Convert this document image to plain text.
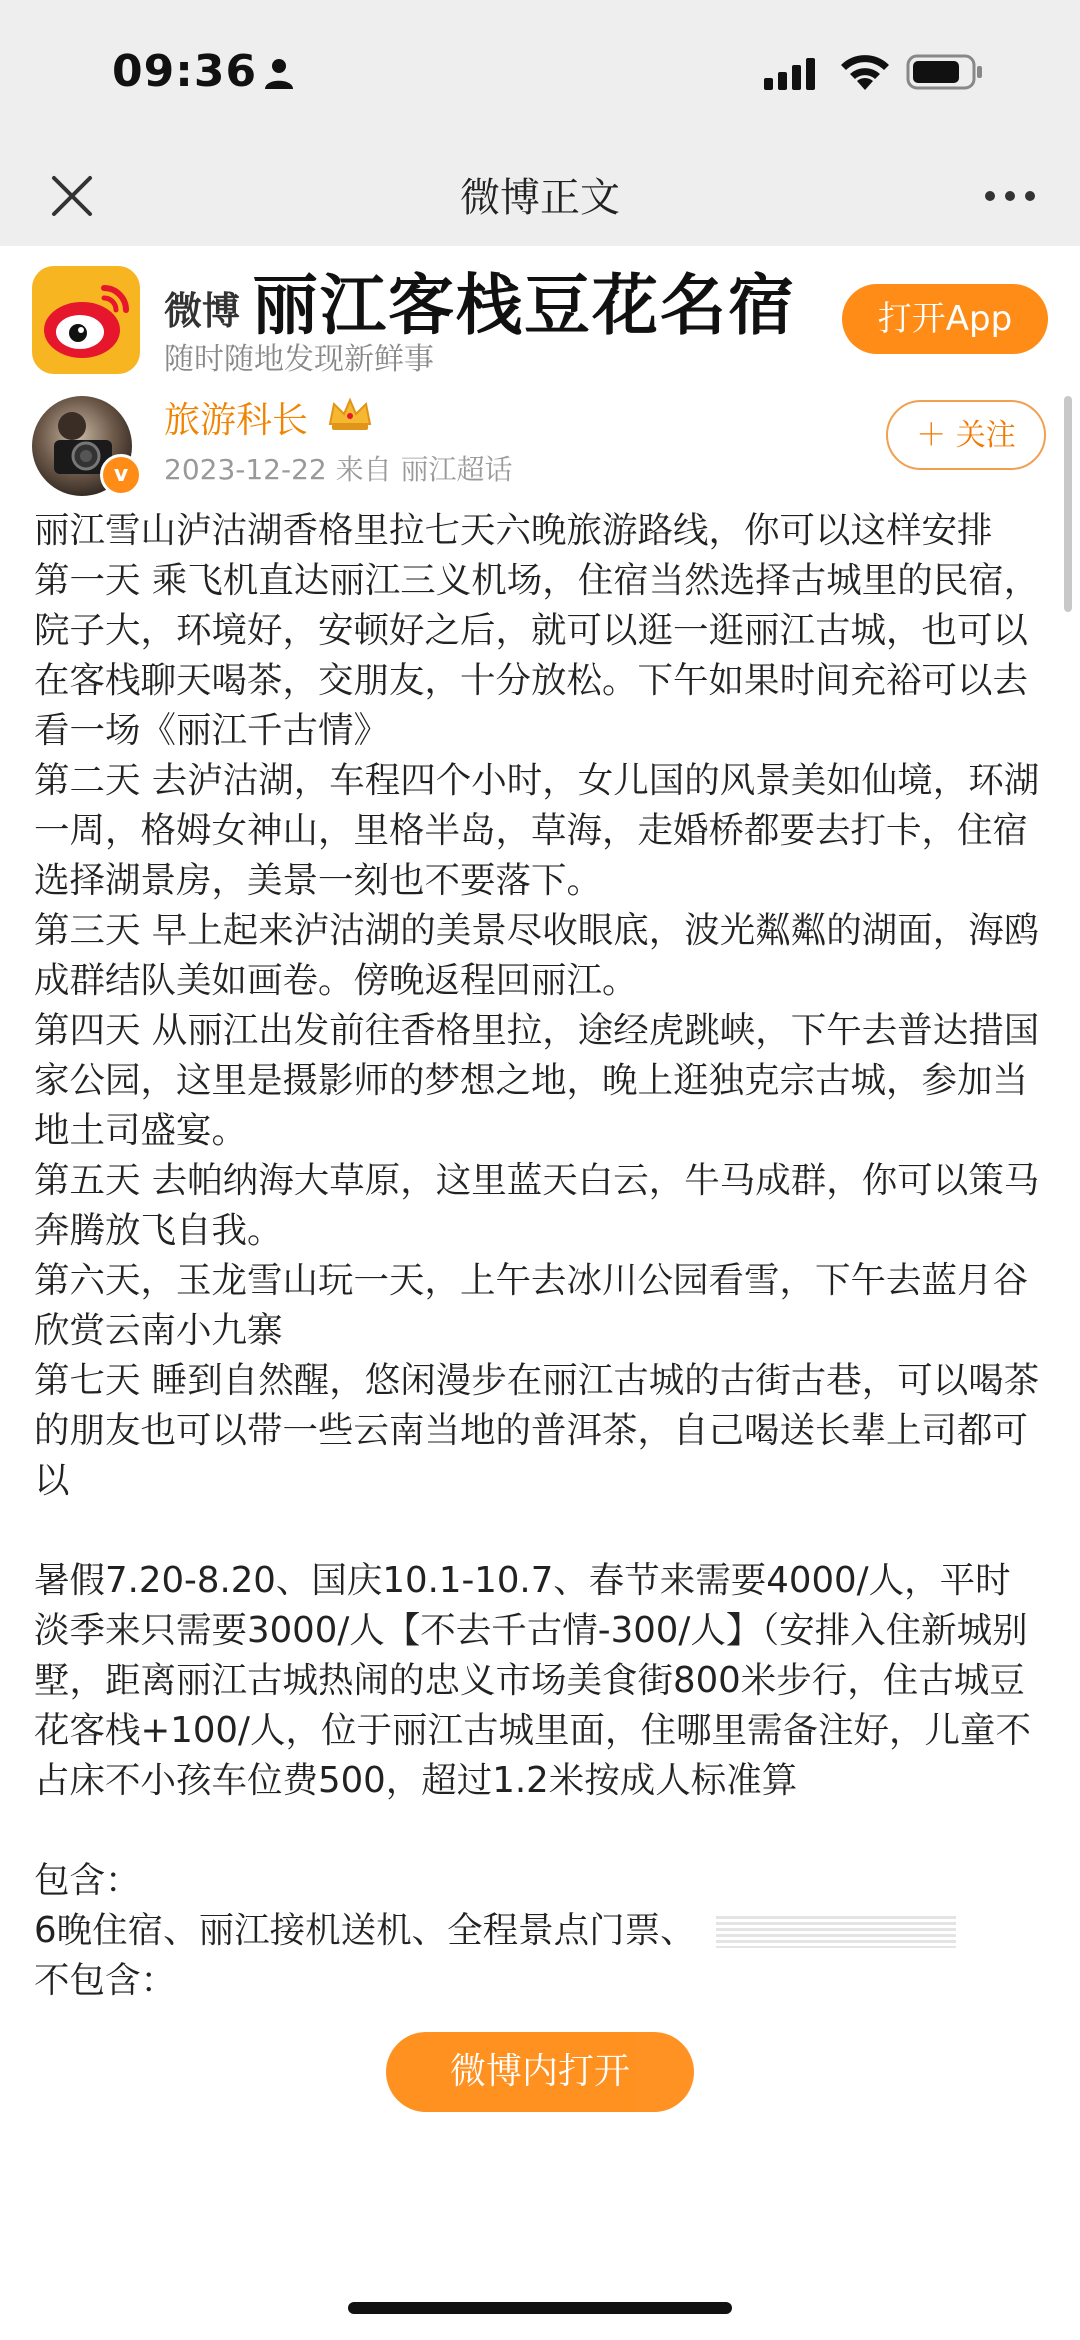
09:36
微博正文
微博 丽江客栈豆花名宿
随时随地发现新鲜事
打开App
v
旅游科长
2023-12-22 来自 丽江超话
＋ 关注

丽江雪山泸沽湖香格里拉七天六晚旅游路线，你可以这样安排

第一天 乘飞机直达丽江三义机场，住宿当然选择古城里的民宿，院子大，环境好，安顿好之后，就可以逛一逛丽江古城，也可以在客栈聊天喝茶，交朋友，十分放松。下午如果时间充裕可以去看一场《丽江千古情》

第二天 去泸沽湖，车程四个小时，女儿国的风景美如仙境，环湖一周，格姆女神山，里格半岛，草海，走婚桥都要去打卡，住宿选择湖景房，美景一刻也不要落下。

第三天 早上起来泸沽湖的美景尽收眼底，波光粼粼的湖面，海鸥成群结队美如画卷。傍晚返程回丽江。

第四天 从丽江出发前往香格里拉，途经虎跳峡，下午去普达措国家公园，这里是摄影师的梦想之地，晚上逛独克宗古城，参加当地土司盛宴。

第五天 去帕纳海大草原，这里蓝天白云，牛马成群，你可以策马奔腾放飞自我。

第六天，玉龙雪山玩一天，上午去冰川公园看雪，下午去蓝月谷欣赏云南小九寨

第七天 睡到自然醒，悠闲漫步在丽江古城的古街古巷，可以喝茶的朋友也可以带一些云南当地的普洱茶，自己喝送长辈上司都可以

暑假7.20-8.20、国庆10.1-10.7、春节来需要4000/人，平时淡季来只需要3000/人【不去千古情-300/人】（安排入住新城别墅，距离丽江古城热闹的忠义市场美食街800米步行，住古城豆花客栈+100/人，位于丽江古城里面，住哪里需备注好，儿童不占床不小孩车位费500，超过1.2米按成人标准算

包含：

6晚住宿、丽江接机送机、全程景点门票、

不包含：

微博内打开
